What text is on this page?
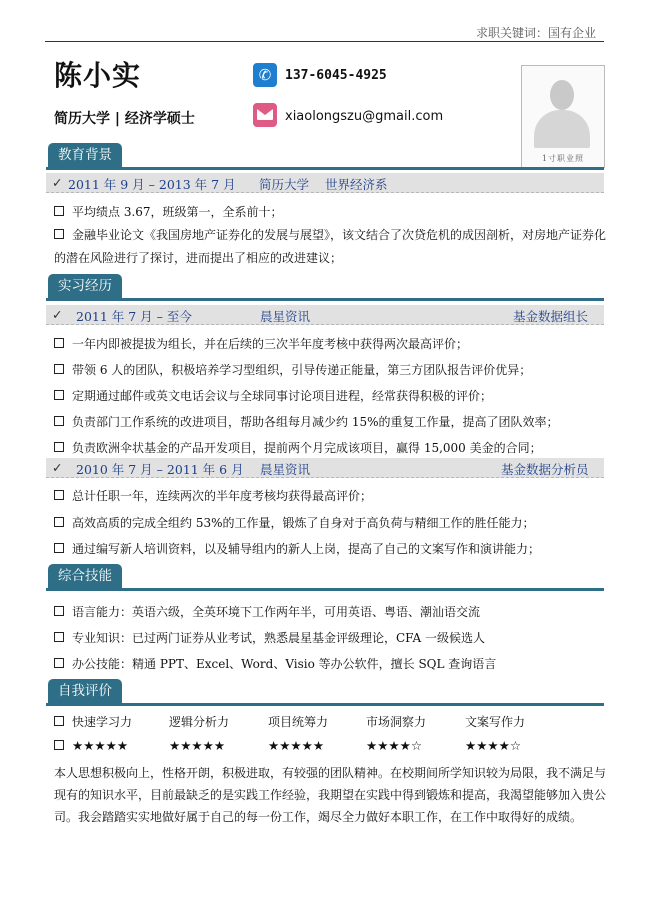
求职关键词：国有企业
陈小实
简历大学 | 经济学硕士
✆	137-6045-4925
xiaolongszu@gmail.com
1寸职业照
教育背景
✓ 2011 年 9 月 – 2013 年 7 月 简历大学 世界经济系
平均绩点 3.67，班级第一，全系前十；
金融毕业论文《我国房地产证券化的发展与展望》，该文结合了次贷危机的成因剖析，对房地产证券化的潜在风险进行了探讨，进而提出了相应的改进建议；
实习经历
✓ 2011 年 7 月 – 至今	晨星资讯	基金数据组长
一年内即被提拔为组长，并在后续的三次半年度考核中获得两次最高评价；
带领 6 人的团队，积极培养学习型组织，引导传递正能量，第三方团队报告评价优异；
定期通过邮件或英文电话会议与全球同事讨论项目进程，经常获得积极的评价；
负责部门工作系统的改进项目，帮助各组每月减少约 15%的重复工作量，提高了团队效率；
负责欧洲伞状基金的产品开发项目，提前两个月完成该项目，赢得 15,000 美金的合同；
✓ 2010 年 7 月 – 2011 年 6 月 晨星资讯	基金数据分析员
总计任职一年，连续两次的半年度考核均获得最高评价；
高效高质的完成全组约 53%的工作量，锻炼了自身对于高负荷与精细工作的胜任能力；
通过编写新人培训资料，以及辅导组内的新人上岗，提高了自己的文案写作和演讲能力；
综合技能
语言能力：英语六级，全英环境下工作两年半，可用英语、粤语、潮汕语交流
专业知识：已过两门证券从业考试，熟悉晨星基金评级理论，CFA 一级候选人
办公技能：精通 PPT、Excel、Word、Visio 等办公软件，擅长 SQL 查询语言
自我评价
快速学习力	逻辑分析力	项目统筹力	市场洞察力	文案写作力
★★★★★	★★★★★	★★★★★	★★★★☆	★★★★☆
本人思想积极向上，性格开朗，积极进取，有较强的团队精神。在校期间所学知识较为局限，我不满足与现有的知识水平，目前最缺乏的是实践工作经验，我期望在实践中得到锻炼和提高，我渴望能够加入贵公司。我会踏踏实实地做好属于自己的每一份工作，竭尽全力做好本职工作，在工作中取得好的成绩。
